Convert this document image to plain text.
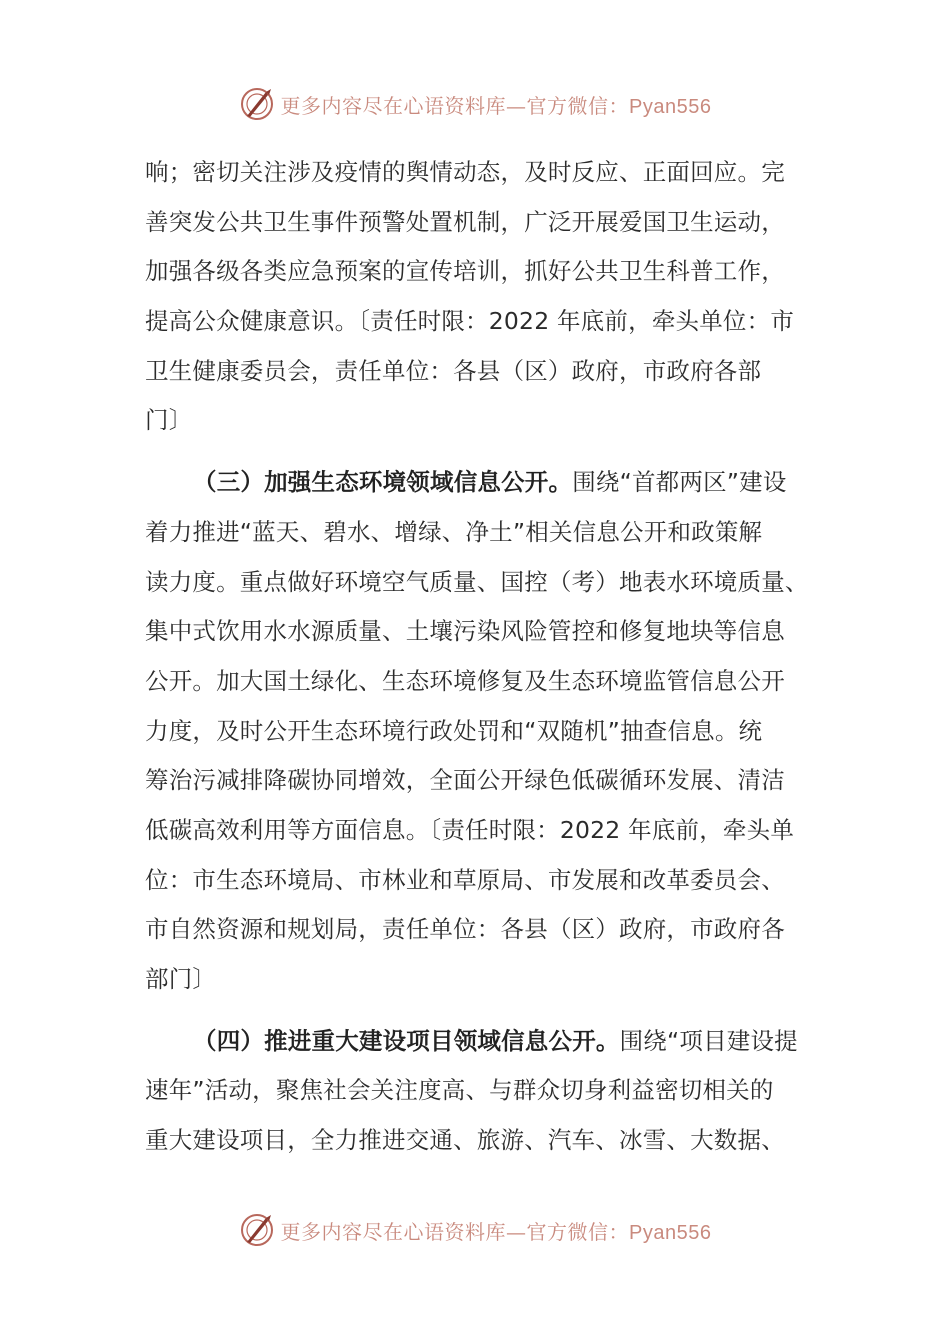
更多内容尽在心语资料库—官方微信：Pyan556
响；密切关注涉及疫情的舆情动态，及时反应、正面回应。完
善突发公共卫生事件预警处置机制，广泛开展爱国卫生运动，
加强各级各类应急预案的宣传培训，抓好公共卫生科普工作，
提高公众健康意识。〔责任时限：2022 年底前，牵头单位：市
卫生健康委员会，责任单位：各县（区）政府，市政府各部
门〕
（三）加强生态环境领域信息公开。围绕“首都两区”建设
着力推进“蓝天、碧水、增绿、净土”相关信息公开和政策解
读力度。重点做好环境空气质量、国控（考）地表水环境质量、
集中式饮用水水源质量、土壤污染风险管控和修复地块等信息
公开。加大国土绿化、生态环境修复及生态环境监管信息公开
力度，及时公开生态环境行政处罚和“双随机”抽查信息。统
筹治污减排降碳协同增效，全面公开绿色低碳循环发展、清洁
低碳高效利用等方面信息。〔责任时限：2022 年底前，牵头单
位：市生态环境局、市林业和草原局、市发展和改革委员会、
市自然资源和规划局，责任单位：各县（区）政府，市政府各
部门〕
（四）推进重大建设项目领域信息公开。围绕“项目建设提
速年”活动，聚焦社会关注度高、与群众切身利益密切相关的
重大建设项目，全力推进交通、旅游、汽车、冰雪、大数据、
更多内容尽在心语资料库—官方微信：Pyan556
